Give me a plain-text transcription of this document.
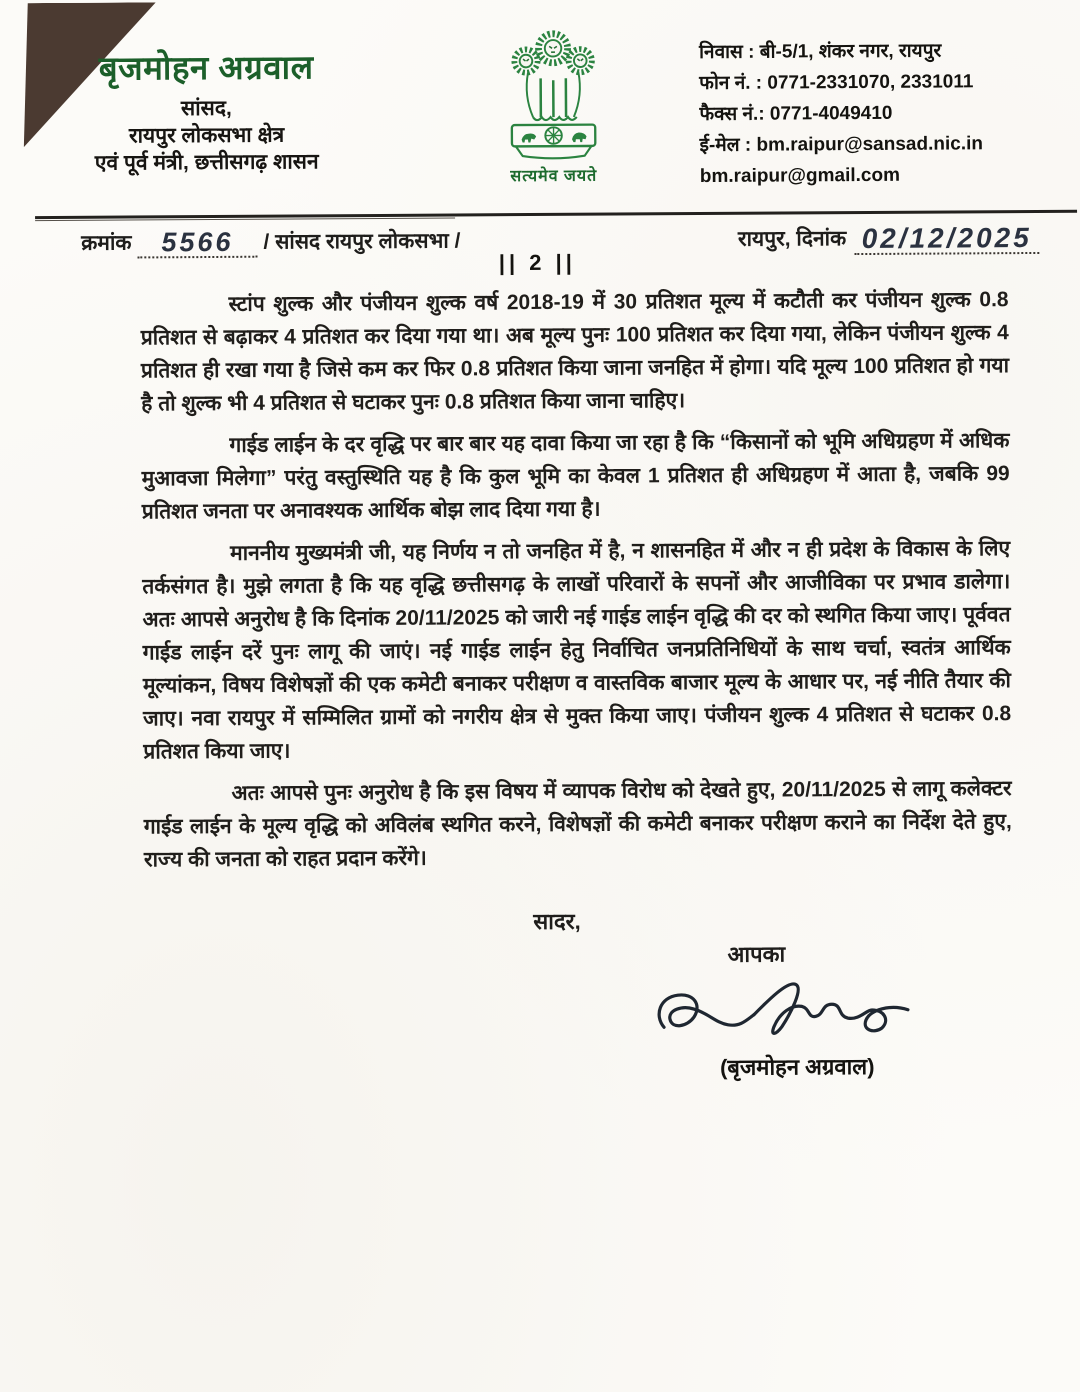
बृजमोहन अग्रवाल
सांसद,
रायपुर लोकसभा क्षेत्र
एवं पूर्व मंत्री, छत्तीसगढ़ शासन
सत्यमेव जयते
निवास : बी-5/1, शंकर नगर, रायपुर
फोन नं. : 0771-2331070, 2331011
फैक्स नं.: 0771-4049410
ई-मेल : bm.raipur@sansad.nic.in
bm.raipur@gmail.com
क्रमांक	5566	/ सांसद रायपुर लोकसभा /	रायपुर, दिनांक 02/12/2025
|| 2 ||

स्टांप शुल्क और पंजीयन शुल्क वर्ष 2018-19 में 30 प्रतिशत मूल्य में कटौती कर पंजीयन शुल्क 0.8 प्रतिशत से बढ़ाकर 4 प्रतिशत कर दिया गया था। अब मूल्य पुनः 100 प्रतिशत कर दिया गया, लेकिन पंजीयन शुल्क 4 प्रतिशत ही रखा गया है जिसे कम कर फिर 0.8 प्रतिशत किया जाना जनहित में होगा। यदि मूल्य 100 प्रतिशत हो गया है तो शुल्क भी 4 प्रतिशत से घटाकर पुनः 0.8 प्रतिशत किया जाना चाहिए।

गाईड लाईन के दर वृद्धि पर बार बार यह दावा किया जा रहा है कि “किसानों को भूमि अधिग्रहण में अधिक मुआवजा मिलेगा” परंतु वस्तुस्थिति यह है कि कुल भूमि का केवल 1 प्रतिशत ही अधिग्रहण में आता है, जबकि 99 प्रतिशत जनता पर अनावश्यक आर्थिक बोझ लाद दिया गया है।

माननीय मुख्यमंत्री जी, यह निर्णय न तो जनहित में है, न शासनहित में और न ही प्रदेश के विकास के लिए तर्कसंगत है। मुझे लगता है कि यह वृद्धि छत्तीसगढ़ के लाखों परिवारों के सपनों और आजीविका पर प्रभाव डालेगा। अतः आपसे अनुरोध है कि दिनांक 20/11/2025 को जारी नई गाईड लाईन वृद्धि की दर को स्थगित किया जाए। पूर्ववत गाईड लाईन दरें पुनः लागू की जाएं। नई गाईड लाईन हेतु निर्वाचित जनप्रतिनिधियों के साथ चर्चा, स्वतंत्र आर्थिक मूल्यांकन, विषय विशेषज्ञों की एक कमेटी बनाकर परीक्षण व वास्तविक बाजार मूल्य के आधार पर, नई नीति तैयार की जाए। नवा रायपुर में सम्मिलित ग्रामों को नगरीय क्षेत्र से मुक्त किया जाए। पंजीयन शुल्क 4 प्रतिशत से घटाकर 0.8 प्रतिशत किया जाए।

अतः आपसे पुनः अनुरोध है कि इस विषय में व्यापक विरोध को देखते हुए, 20/11/2025 से लागू कलेक्टर गाईड लाईन के मूल्य वृद्धि को अविलंब स्थगित करने, विशेषज्ञों की कमेटी बनाकर परीक्षण कराने का निर्देश देते हुए, राज्य की जनता को राहत प्रदान करेंगे।

सादर,
आपका
(बृजमोहन अग्रवाल)
